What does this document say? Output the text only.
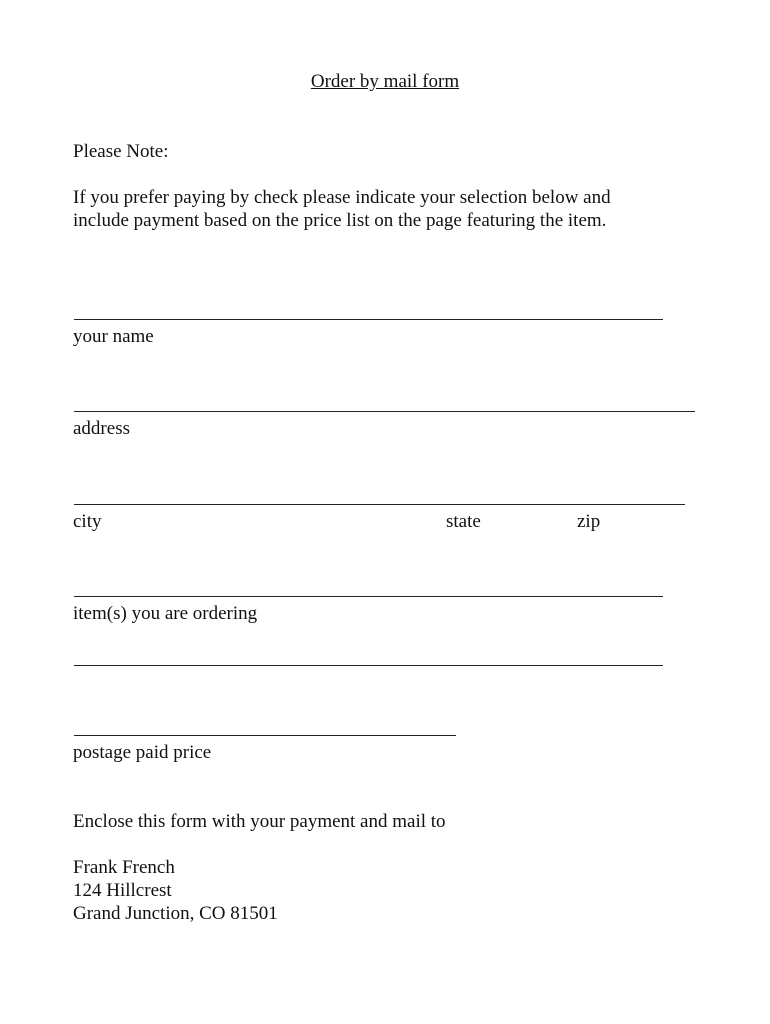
Order by mail form
Please Note:
If you prefer paying by check please indicate your selection below and
include payment based on the price list on the page featuring the item.
your name
address
city	state	zip
item(s) you are ordering
postage paid price
Enclose this form with your payment and mail to
Frank French
124 Hillcrest
Grand Junction, CO 81501
